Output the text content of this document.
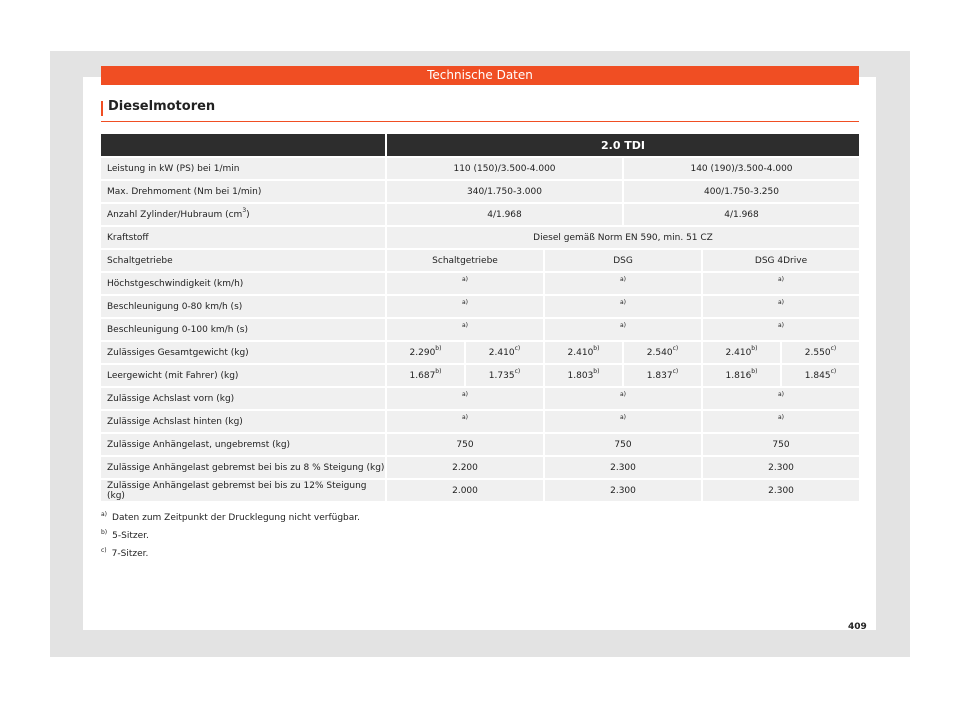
Technische Daten
Dieselmotoren
	2.0 TDI					
Leistung in kW (PS) bei 1/min	110 (150)/3.500-4.000			140 (190)/3.500-4.000		
Max. Drehmoment (Nm bei 1/min)	340/1.750-3.000			400/1.750-3.250		
Anzahl Zylinder/Hubraum $(cm^3)$	4/1.968			4/1.968		
Kraftstoff	Diesel gemäß Norm EN 590, min. 51 CZ					
Schaltgetriebe	Schaltgetriebe		DSG		DSG 4Drive	
Höchstgeschwindigkeit (km/h)	$^{a)}$		$^{a)}$		$^{a)}$
Beschleunigung 0-80 km/h (s)	$^{a)}$		$^{a)}$		$^{a)}$
Beschleunigung 0-100 km/h (s)	$^{a)}$		$^{a)}$		$^{a)}$
Zulässiges Gesamtgewicht (kg)	2.290$^{b)}$	2.410$^{c)}$	2.410$^{b)}$	2.540$^{c)}$	2.410$^{b)}$	2.550$^{c)}$
Leergewicht (mit Fahrer) (kg)	1.687$^{b)}$	1.735$^{c)}$	1.803$^{b)}$	1.837$^{c)}$	1.816$^{b)}$	1.845$^{c)}$
Zulässige Achslast vorn (kg)	$^{a)}$		$^{a)}$		$^{a)}$
Zulässige Achslast hinten (kg)	$^{a)}$		$^{a)}$		$^{a)}$
Zulässige Anhängelast, ungebremst (kg)	750		750		750	
Zulässige Anhängelast gebremst bei bis zu 8 % Steigung (kg)	2.200		2.300		2.300	
Zulässige Anhängelast gebremst bei bis zu 12% Steigung (kg)	2.000		2.300		2.300	
$^{a)}$ Daten zum Zeitpunkt der Drucklegung nicht verfügbar.
$^{b)}$ 5-Sitzer.
$^{c)}$ 7-Sitzer.
409
